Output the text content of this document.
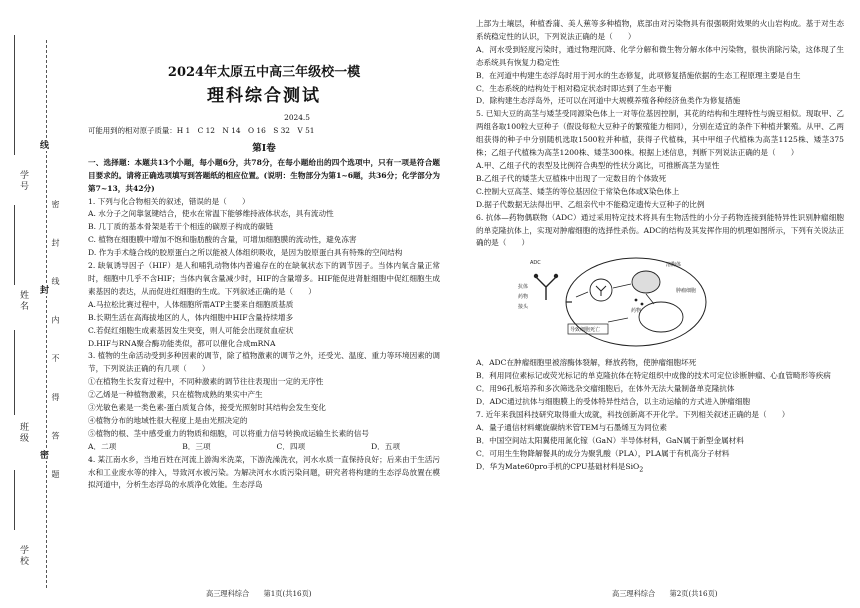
学号
姓名
班级
学校
线
封
密 密 封 线 内 不 得 答 题
2024年太原五中高三年级校一模
理科综合测试
2024.5
可能用到的相对原子质量：H 1　C 12　N 14　O 16　S 32　V 51
第Ⅰ卷

一、选择题：本题共13个小题，每小题6分，共78分，在每小题给出的四个选项中，只有一项是符合题目要求的。请将正确选项填写到答题纸的相应位置。(说明：生物部分为第1~6题，共36分；化学部分为第7~13，共42分)

1. 下列与化合物相关的叙述，错误的是（　　）

A. 水分子之间靠氢键结合，使水在常温下能够维持液体状态，具有流动性

B. 几丁质的基本骨架是若干个相连的碳原子构成的碳链

C. 植物在细胞膜中增加不饱和脂肪酸的含量，可增加细胞膜的流动性，避免冻害

D. 作为手术缝合线的胶原蛋白之所以能被人体组织吸收，是因为胶原蛋白具有特殊的空间结构

2. 缺氧诱导因子（HIF）是人和哺乳动物体内普遍存在的在缺氧状态下的调节因子。当体内氧含量正常时，细胞中几乎不含HIF；当体内氧含量减少时，HIF的含量增多。HIF能促进肾脏细胞中促红细胞生成素基因的表达，从而促进红细胞的生成。下列叙述正确的是（　　）

A.马拉松比赛过程中，人体细胞所需ATP主要来自细胞质基质

B.长期生活在高海拔地区的人，体内细胞中HIF含量持续增多

C.若促红细胞生成素基因发生突变，则人可能会出现贫血症状

D.HIF与RNA聚合酶功能类似，都可以催化合成mRNA

3. 植物的生命活动受到多种因素的调节，除了植物激素的调节之外，还受光、温度、重力等环境因素的调节，下列说法正确的有几项（　　）

①在植物生长发育过程中，不同种激素的调节往往表现出一定的无序性

②乙烯是一种植物激素，只在植物成熟的果实中产生

③光敏色素是一类色素-蛋白质复合体，接受光照射时其结构会发生变化

④植物分布的地域性很大程度上是由光照决定的

⑤植物的根、茎中感受重力的物质和细胞，可以将重力信号转换成运输生长素的信号

A．二项	B．三项	C．四项	D．五项

4. 某江南水乡，当地百姓在河流上游淘米洗菜，下游洗澡洗衣，河水水质一直保持良好；后来由于生活污水和工业废水等的排入，导致河水被污染。为解决河水水质污染问题，研究者将构建的生态浮岛放置在模拟河道中，分析生态浮岛的水质净化效能。生态浮岛

上部为土壤层，种植香蒲、美人蕉等多种植物，底部由对污染物具有很强吸附效果的火山岩构成。基于对生态系统稳定性的认识，下列说法正确的是（　　）

A．河水受到轻度污染时，通过物理沉降、化学分解和微生物分解水体中污染物，很快消除污染，这体现了生态系统具有恢复力稳定性

B．在河道中构建生态浮岛时用于河水的生态修复，此项修复措施依据的生态工程原理主要是自生

C．生态系统的结构处于相对稳定状态时即达到了生态平衡

D．除构建生态浮岛外，还可以在河道中大规模养殖各种经济鱼类作为修复措施

5. 已知大豆的高茎与矮茎受同源染色体上一对等位基因控制，其花的结构和生理特性与豌豆相似。现取甲、乙两组各取100粒大豆种子（假设每粒大豆种子的繁殖能力相同），分别在适宜的条件下种植并繁殖。从甲、乙两组获得的种子中分别随机选取1500粒并种植，获得子代植株，其中甲组子代植株为高茎1125株、矮茎375株；乙组子代植株为高茎1200株、矮茎300株。根据上述信息，判断下列说法正确的是（　　）

A.甲、乙组子代的表型及比例符合典型的性状分离比，可推断高茎为显性

B.乙组子代的矮茎大豆植株中出现了一定数目的个体致死

C.控制大豆高茎、矮茎的等位基因位于常染色体或X染色体上

D.据子代数据无法得出甲、乙组亲代中不能稳定遗传大豆种子的比例

6. 抗体—药物偶联物（ADC）通过采用特定技术将具有生物活性的小分子药物连接到能特异性识别肿瘤细胞的单克隆抗体上，实现对肿瘤细胞的选择性杀伤。ADC的结构及其发挥作用的机理如图所示，下列有关说法正确的是（　　）

ADC
抗体
药物
接头
溶酶体
肿瘤细胞
导致细胞死亡
药物

A．ADC在肿瘤细胞里被溶酶体裂解，释放药物，使肿瘤细胞坏死

B．利用同位素标记或荧光标记的单克隆抗体在特定组织中成像的技术可定位诊断肿瘤、心血管畸形等疾病

C．用96孔板培养和多次筛选杂交瘤细胞后，在体外无法大量制备单克隆抗体

D．ADC通过抗体与细胞膜上的受体特异性结合，以主动运输的方式进入肿瘤细胞

7. 近年来我国科技研究取得重大成就，科技创新离不开化学。下列相关叙述正确的是（　　）

A．量子通信材料螺旋碳纳米管TEM与石墨烯互为同位素

B．中国空间站太阳翼使用氮化镓（GaN）半导体材料，GaN属于新型金属材料

C．可用生生物降解餐具的成分为聚乳酸（PLA），PLA属于有机高分子材料

D．华为Mate60pro手机的CPU基础材料是SiO$_2$

高三理科综合　　第1页(共16页)	高三理科综合　　第2页(共16页)
